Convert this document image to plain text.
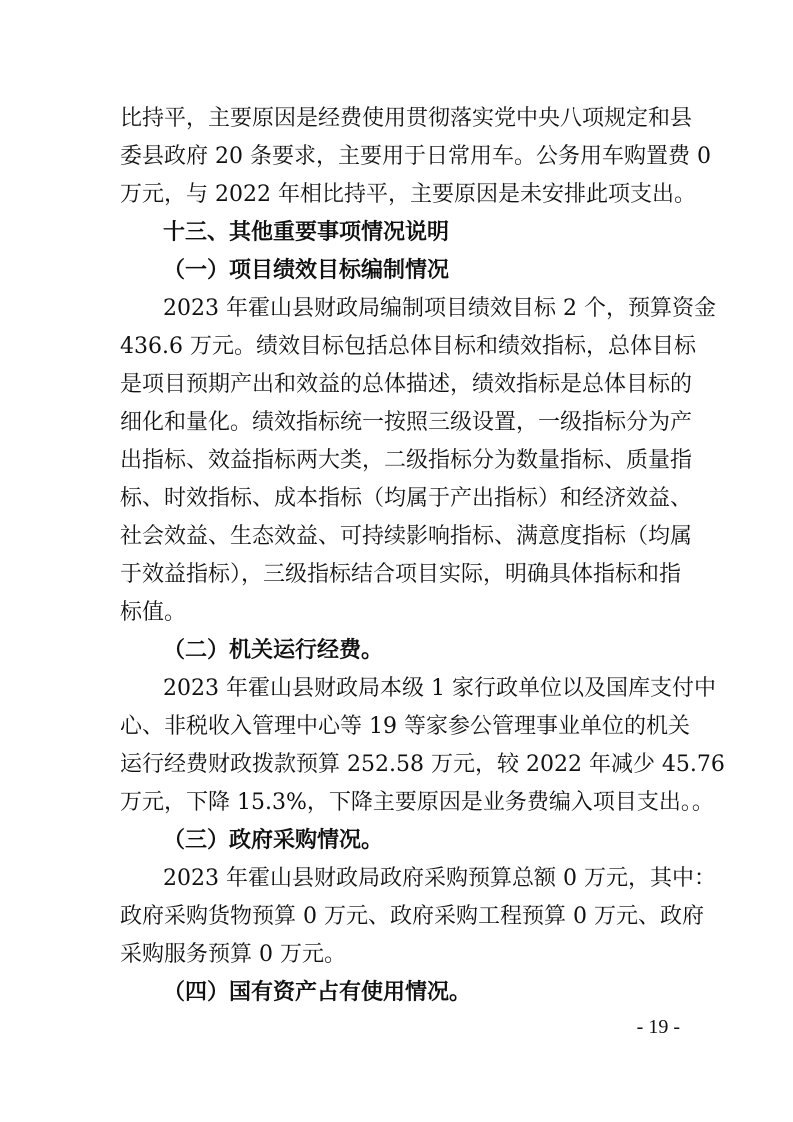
比持平，主要原因是经费使用贯彻落实党中央八项规定和县
委县政府 20 条要求，主要用于日常用车。公务用车购置费 0
万元，与 2022 年相比持平，主要原因是未安排此项支出。
十三、其他重要事项情况说明
（一）项目绩效目标编制情况
2023 年霍山县财政局编制项目绩效目标 2 个，预算资金
436.6 万元。绩效目标包括总体目标和绩效指标，总体目标
是项目预期产出和效益的总体描述，绩效指标是总体目标的
细化和量化。绩效指标统一按照三级设置，一级指标分为产
出指标、效益指标两大类，二级指标分为数量指标、质量指
标、时效指标、成本指标（均属于产出指标）和经济效益、
社会效益、生态效益、可持续影响指标、满意度指标（均属
于效益指标），三级指标结合项目实际，明确具体指标和指
标值。
（二）机关运行经费。
2023 年霍山县财政局本级 1 家行政单位以及国库支付中
心、非税收入管理中心等 19 等家参公管理事业单位的机关
运行经费财政拨款预算 252.58 万元，较 2022 年减少 45.76
万元，下降 15.3%，下降主要原因是业务费编入项目支出。。
（三）政府采购情况。
2023 年霍山县财政局政府采购预算总额 0 万元，其中：
政府采购货物预算 0 万元、政府采购工程预算 0 万元、政府
采购服务预算 0 万元。
（四）国有资产占有使用情况。
- 19 -
